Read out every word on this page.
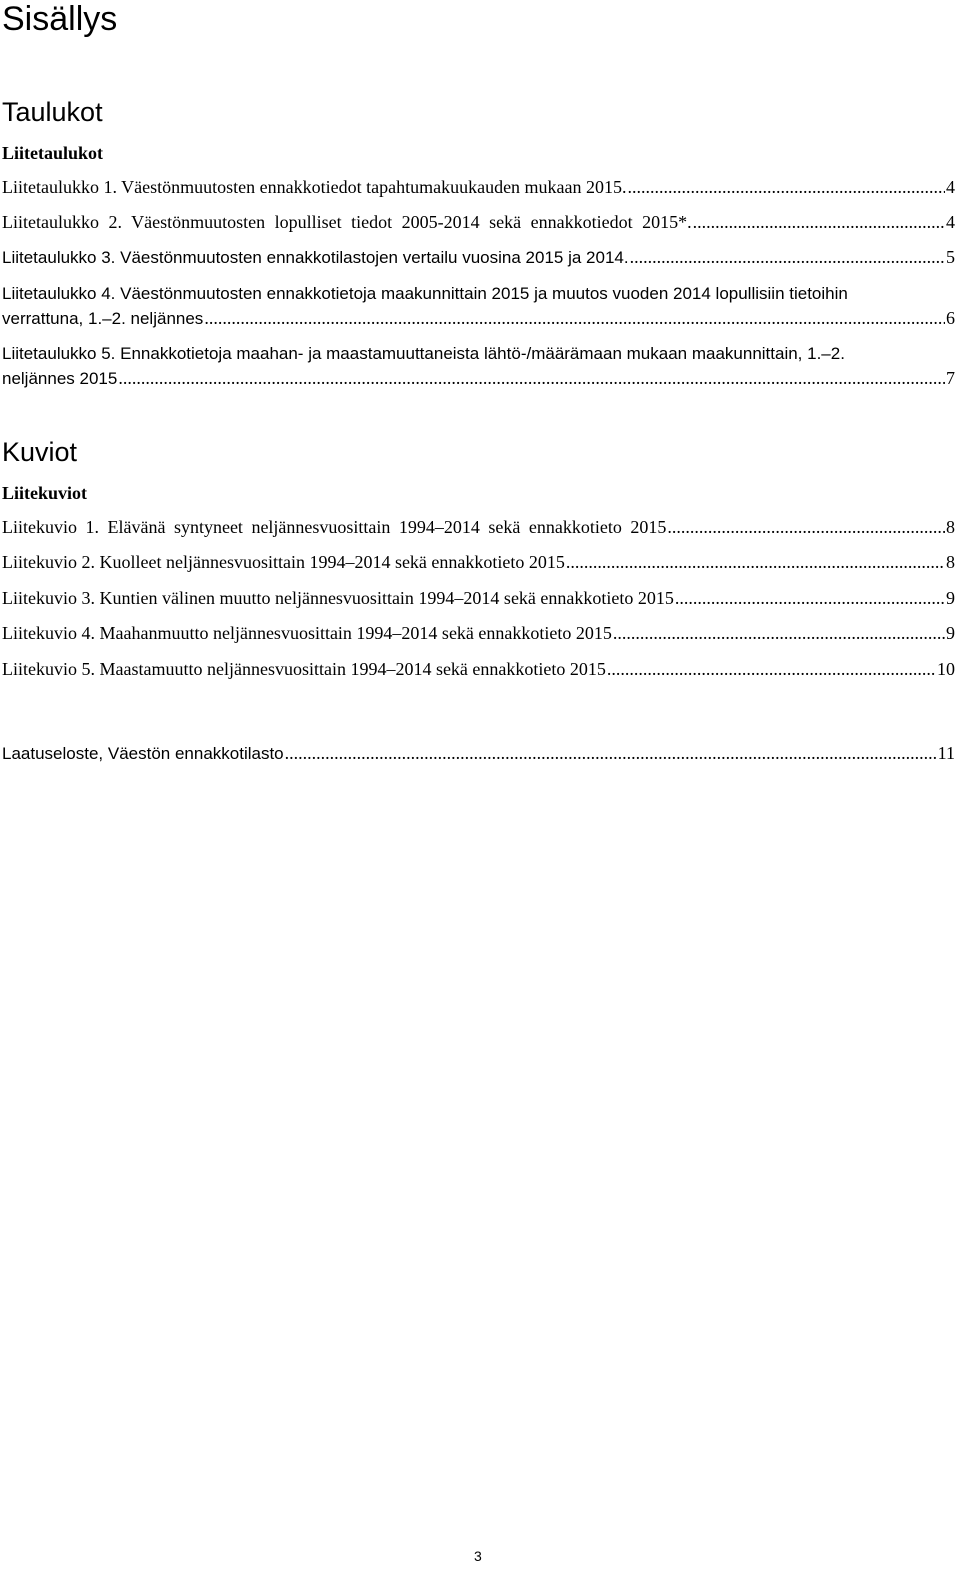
Sisällys
Taulukot
Liitetaulukot
Liitetaulukko 1. Väestönmuutosten ennakkotiedot tapahtumakuukauden mukaan 2015. .....	4
Liitetaulukko 2. Väestönmuutosten lopulliset tiedot 2005-2014 sekä ennakkotiedot 2015*. .....	4
Liitetaulukko 3. Väestönmuutosten ennakkotilastojen vertailu vuosina 2015 ja 2014. .....	5
Liitetaulukko 4. Väestönmuutosten ennakkotietoja maakunnittain 2015 ja muutos vuoden 2014 lopullisiin tietoihin
verrattuna, 1.–2. neljännes .....	6
Liitetaulukko 5. Ennakkotietoja maahan- ja maastamuuttaneista lähtö-/määrämaan mukaan maakunnittain, 1.–2.
neljännes 2015 .....	7
Kuviot
Liitekuviot
Liitekuvio 1. Elävänä syntyneet neljännesvuosittain 1994–2014 sekä ennakkotieto 2015 .....	8
Liitekuvio 2. Kuolleet neljännesvuosittain 1994–2014 sekä ennakkotieto 2015 .....	8
Liitekuvio 3. Kuntien välinen muutto neljännesvuosittain 1994–2014 sekä ennakkotieto 2015 .....	9
Liitekuvio 4. Maahanmuutto neljännesvuosittain 1994–2014 sekä ennakkotieto 2015 .....	9
Liitekuvio 5. Maastamuutto neljännesvuosittain 1994–2014 sekä ennakkotieto 2015 .....	10
Laatuseloste, Väestön ennakkotilasto .....	11
3
